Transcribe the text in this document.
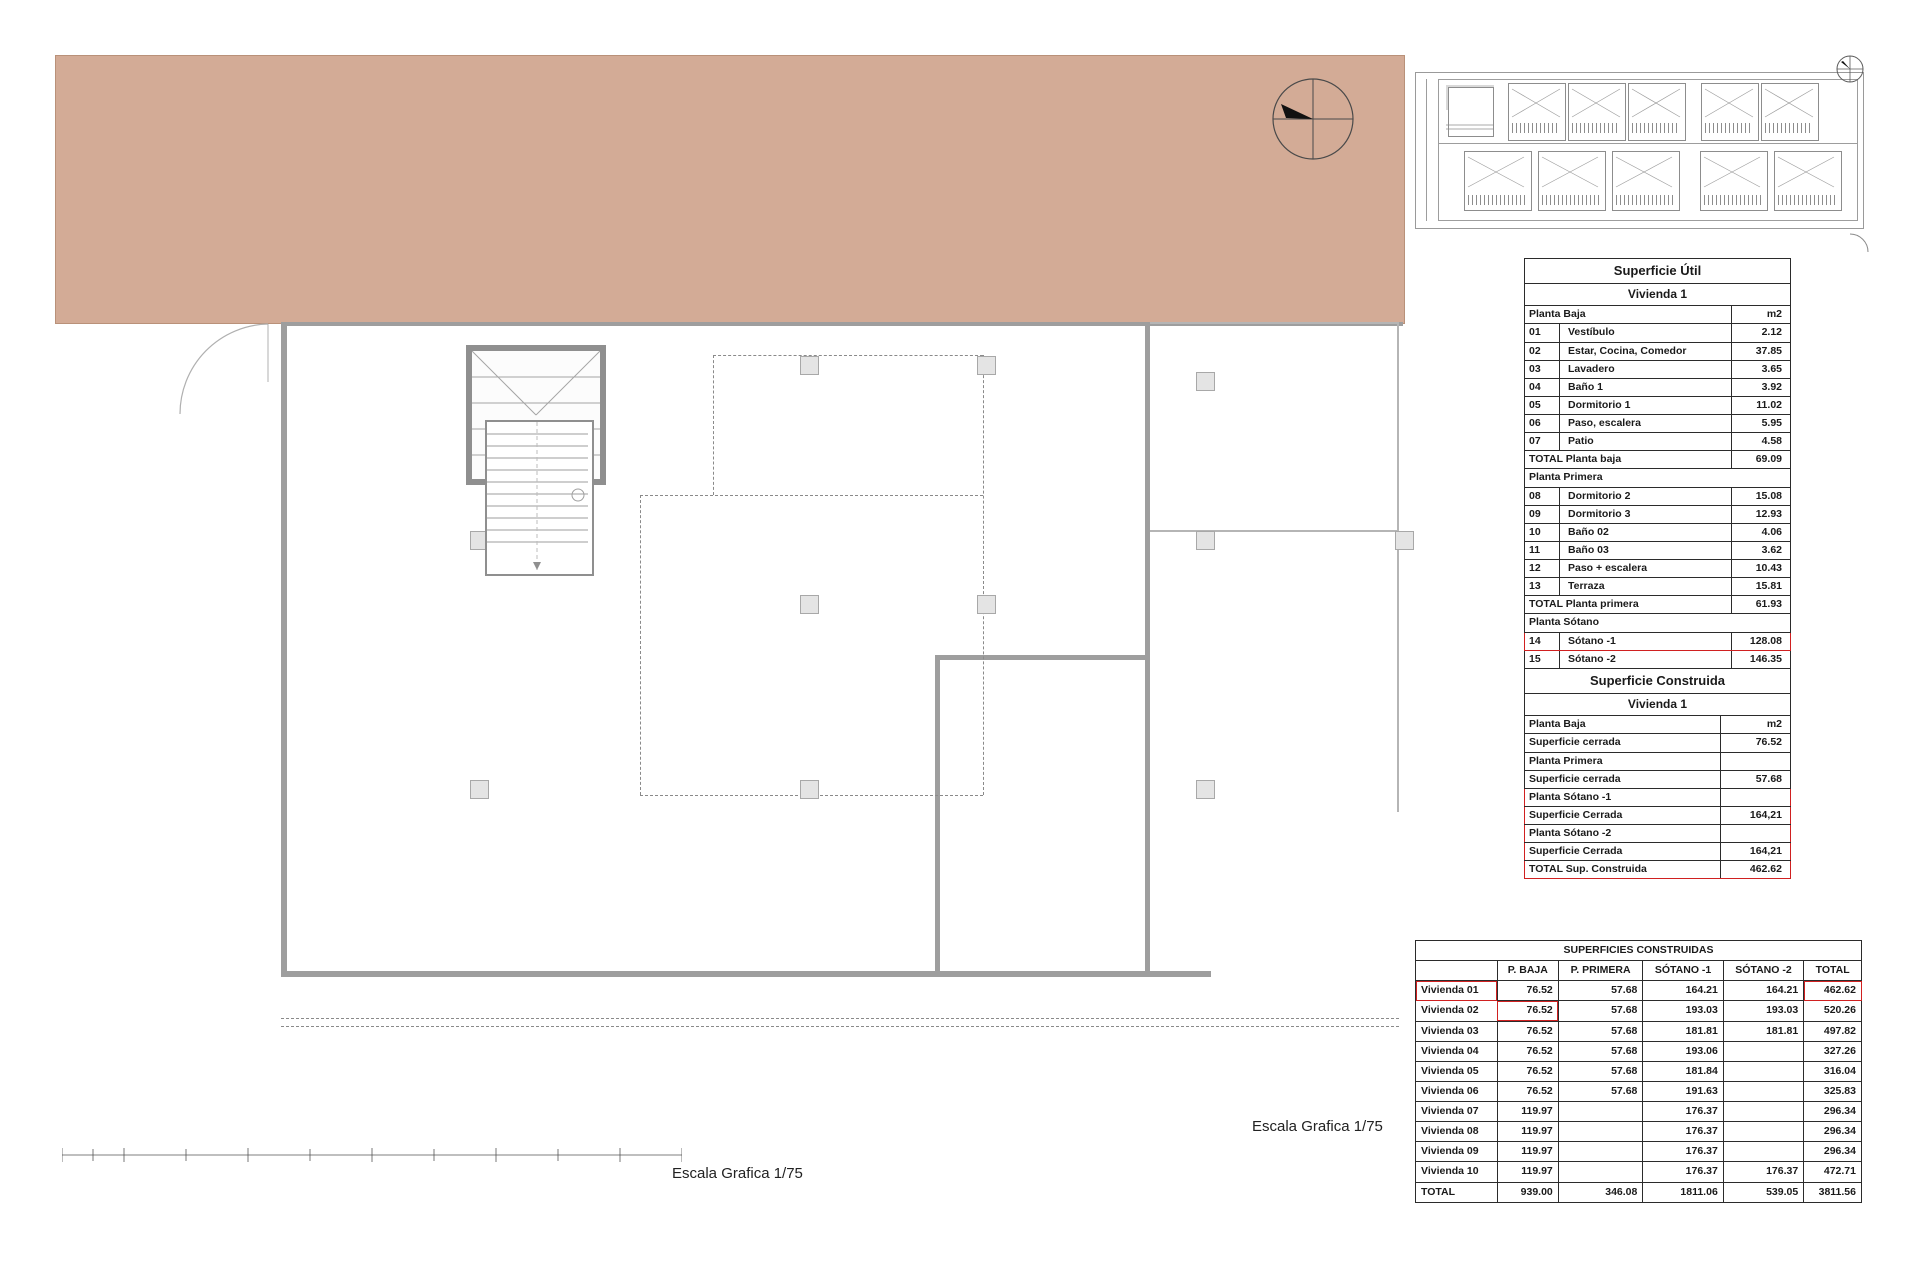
Escala Grafica 1/75
Escala Grafica 1/75
Superficie Útil		
Vivienda 1		
Planta Baja		m2
01	Vestíbulo	2.12
02	Estar, Cocina, Comedor	37.85
03	Lavadero	3.65
04	Baño 1	3.92
05	Dormitorio 1	11.02
06	Paso, escalera	5.95
07	Patio	4.58
TOTAL Planta baja		69.09
Planta Primera		
08	Dormitorio 2	15.08
09	Dormitorio 3	12.93
10	Baño 02	4.06
11	Baño 03	3.62
12	Paso + escalera	10.43
13	Terraza	15.81
TOTAL Planta primera		61.93
Planta Sótano		
14	Sótano -1	128.08
15	Sótano -2	146.35

Superficie Construida	
Vivienda 1	
Planta Baja	m2
Superficie cerrada	76.52
Planta Primera	
Superficie cerrada	57.68
Planta Sótano -1	
Superficie Cerrada	164,21
Planta Sótano -2	
Superficie Cerrada	164,21
TOTAL Sup. Construida	462.62
SUPERFICIES CONSTRUIDAS					
	P. BAJA	P. PRIMERA	SÓTANO -1	SÓTANO -2	TOTAL
Vivienda 01	76.52	57.68	164.21	164.21	462.62
Vivienda 02	76.52	57.68	193.03	193.03	520.26
Vivienda 03	76.52	57.68	181.81	181.81	497.82
Vivienda 04	76.52	57.68	193.06		327.26
Vivienda 05	76.52	57.68	181.84		316.04
Vivienda 06	76.52	57.68	191.63		325.83
Vivienda 07	119.97		176.37		296.34
Vivienda 08	119.97		176.37		296.34
Vivienda 09	119.97		176.37		296.34
Vivienda 10	119.97		176.37	176.37	472.71
TOTAL	939.00	346.08	1811.06	539.05	3811.56
